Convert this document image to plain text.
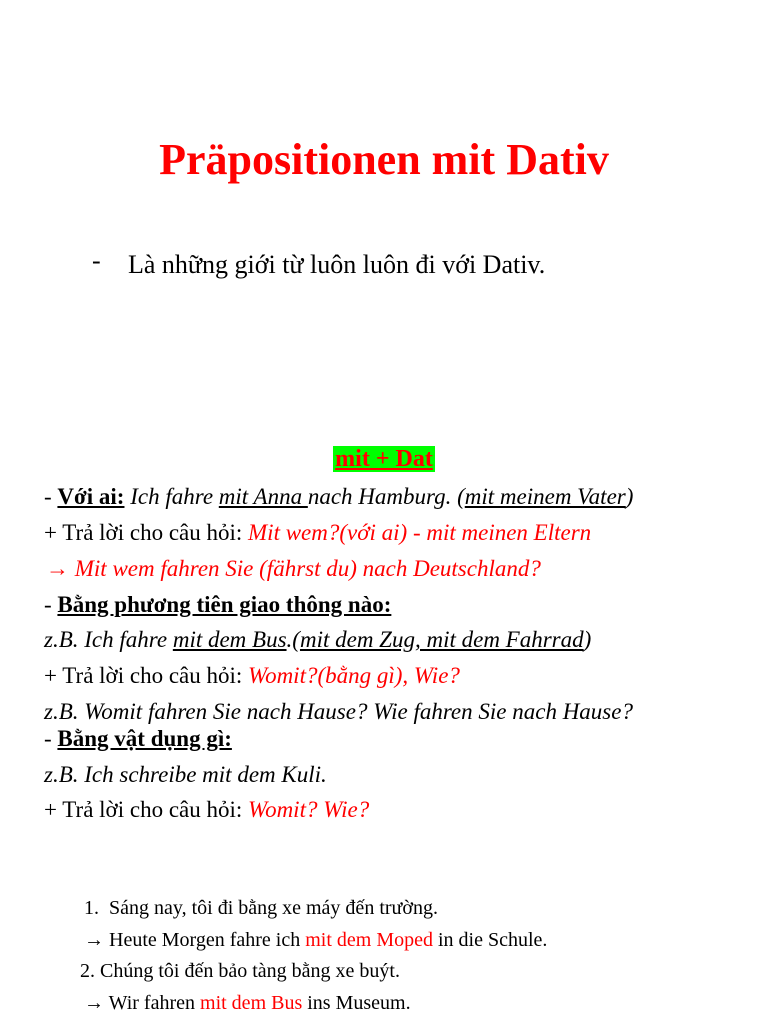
Präpositionen mit Dativ
- Là những giới từ luôn luôn đi với Dativ.
mit + Dat
- Với ai: Ich fahre mit Anna nach Hamburg. (mit meinem Vater)
+ Trả lời cho câu hỏi: Mit wem?(với ai) - mit meinen Eltern
→ Mit wem fahren Sie (fährst du) nach Deutschland?
- Bằng phương tiên giao thông nào:
z.B. Ich fahre mit dem Bus.(mit dem Zug, mit dem Fahrrad)
+ Trả lời cho câu hỏi: Womit?(bằng gì), Wie?
z.B. Womit fahren Sie nach Hause? Wie fahren Sie nach Hause?
- Bằng vật dụng gì:
z.B. Ich schreibe mit dem Kuli.
+ Trả lời cho câu hỏi: Womit? Wie?
1. Sáng nay, tôi đi bằng xe máy đến trường.
→ Heute Morgen fahre ich mit dem Moped in die Schule.
2. Chúng tôi đến bảo tàng bằng xe buýt.
→ Wir fahren mit dem Bus ins Museum.
